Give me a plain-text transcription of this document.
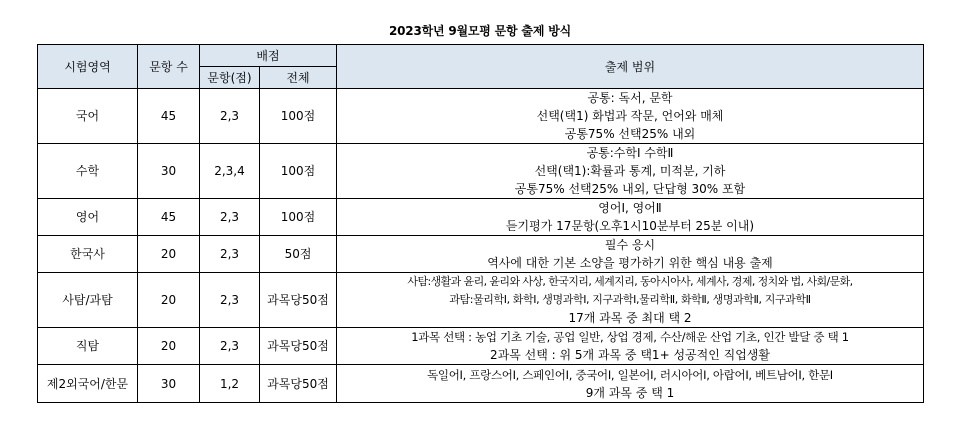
2023학년 9월모평 문항 출제 방식
시험영역	문항 수	배점		출제 범위
		문항(점)	전체	
국어	45	2,3	100점	공통: 독서, 문학
선택(택1) 화법과 작문, 언어와 매체
공통75% 선택25% 내외

수학	30	2,3,4	100점	공통:수학Ⅰ 수학Ⅱ
선택(택1):확률과 통계, 미적분, 기하
공통75% 선택25% 내외, 단답형 30% 포함

영어	45	2,3	100점	영어Ⅰ, 영어Ⅱ
듣기평가 17문항(오후1시10분부터 25분 이내)

한국사	20	2,3	50점	필수 응시
역사에 대한 기본 소양을 평가하기 위한 핵심 내용 출제

사탐/과탐	20	2,3	과목당50점	사탐:생활과 윤리, 윤리와 사상, 한국지리, 세계지리, 동아시아사, 세계사, 경제, 정치와 법, 사회/문화,
과탐:물리학Ⅰ, 화학Ⅰ, 생명과학Ⅰ, 지구과학Ⅰ,물리학Ⅱ, 화학Ⅱ, 생명과학Ⅱ, 지구과학Ⅱ
17개 과목 중 최대 택 2

직탐	20	2,3	과목당50점	1과목 선택 : 농업 기초 기술, 공업 일반, 상업 경제, 수산/해운 산업 기초, 인간 발달 중 택 1
2과목 선택 : 위 5개 과목 중 택1+ 성공적인 직업생활

제2외국어/한문	30	1,2	과목당50점	독일어Ⅰ, 프랑스어Ⅰ, 스페인어Ⅰ, 중국어Ⅰ, 일본어Ⅰ, 러시아어Ⅰ, 아랍어Ⅰ, 베트남어Ⅰ, 한문Ⅰ
9개 과목 중 택 1
